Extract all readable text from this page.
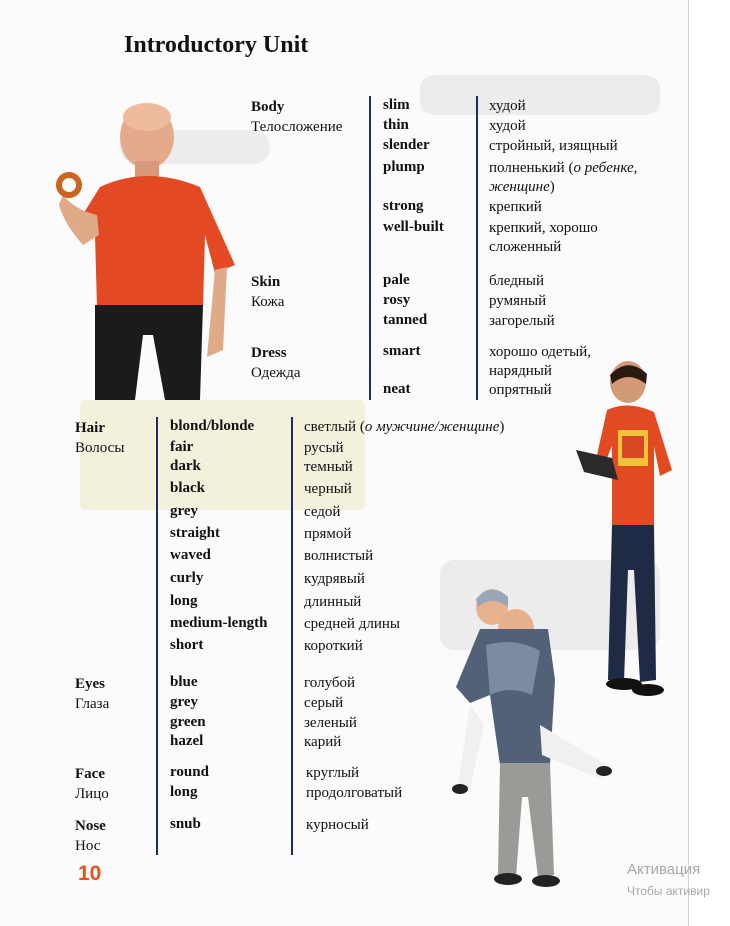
Introductory Unit
Body
Телосложение
slim	худой
thin	худой
slender	стройный, изящный
plump	полненький (о ребенке, женщине)
strong	крепкий
well-built	крепкий, хорошо сложенный
Skin
Кожа
pale	бледный
rosy	румяный
tanned	загорелый
Dress
Одежда
smart	хорошо одетый, нарядный
neat	опрятный
Hair
Волосы
blond/blonde	светлый (о мужчине/женщине)
fair	русый
dark	темный
black	черный
grey	седой
straight	прямой
waved	волнистый
curly	кудрявый
long	длинный
medium-length средней длины
short	короткий
Eyes
Глаза
blue	голубой
grey	серый
green	зеленый
hazel	карий
Face
Лицо
round	круглый
long	продолговатый
Nose
Нос
snub	курносый
10	Активация
Чтобы активир
